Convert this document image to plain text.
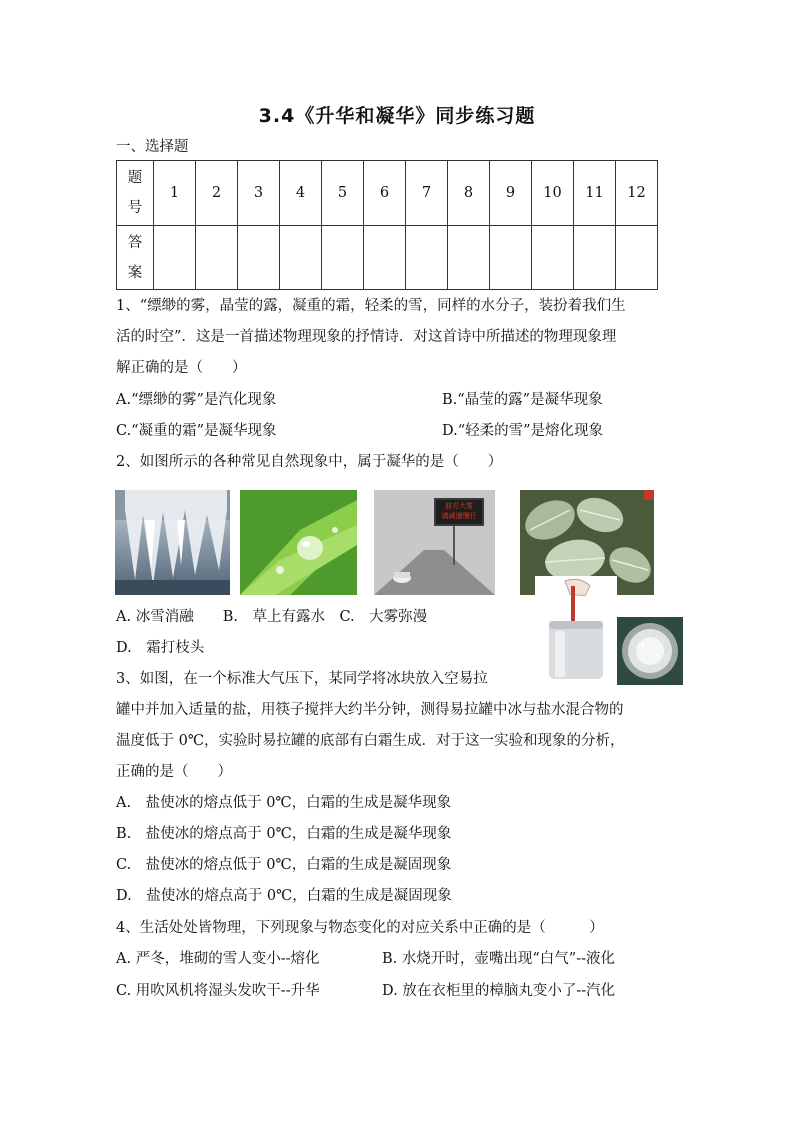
3.4《升华和凝华》同步练习题
一、选择题
题
号	1	2	3	4	5	6	7	8	9	10	11	12

答
案												

1、“缥缈的雾，晶莹的露，凝重的霜，轻柔的雪，同样的水分子，装扮着我们生
活的时空”．这是一首描述物理现象的抒情诗．对这首诗中所描述的物理现象理
解正确的是（　　）
A.“缥缈的雾”是汽化现象	B.“晶莹的露”是凝华现象
C.“凝重的霜”是凝华现象	D.“轻柔的雪”是熔化现象
2、如图所示的各种常见自然现象中，属于凝华的是（　　）
前方大雾
请减速慢行
A. 冰雪消融　　B.　草上有露水　C.　大雾弥漫
D.　霜打枝头
3、如图，在一个标准大气压下，某同学将冰块放入空易拉
罐中并加入适量的盐，用筷子搅拌大约半分钟，测得易拉罐中冰与盐水混合物的
温度低于 0℃，实验时易拉罐的底部有白霜生成．对于这一实验和现象的分析，
正确的是（　　）
A.　盐使冰的熔点低于 0℃，白霜的生成是凝华现象
B.　盐使冰的熔点高于 0℃，白霜的生成是凝华现象
C.　盐使冰的熔点低于 0℃，白霜的生成是凝固现象
D.　盐使冰的熔点高于 0℃，白霜的生成是凝固现象
4、生活处处皆物理，下列现象与物态变化的对应关系中正确的是（　　　）
A. 严冬，堆砌的雪人变小--熔化	B. 水烧开时，壶嘴出现“白气”--液化
C. 用吹风机将湿头发吹干--升华	D. 放在衣柜里的樟脑丸变小了--汽化
